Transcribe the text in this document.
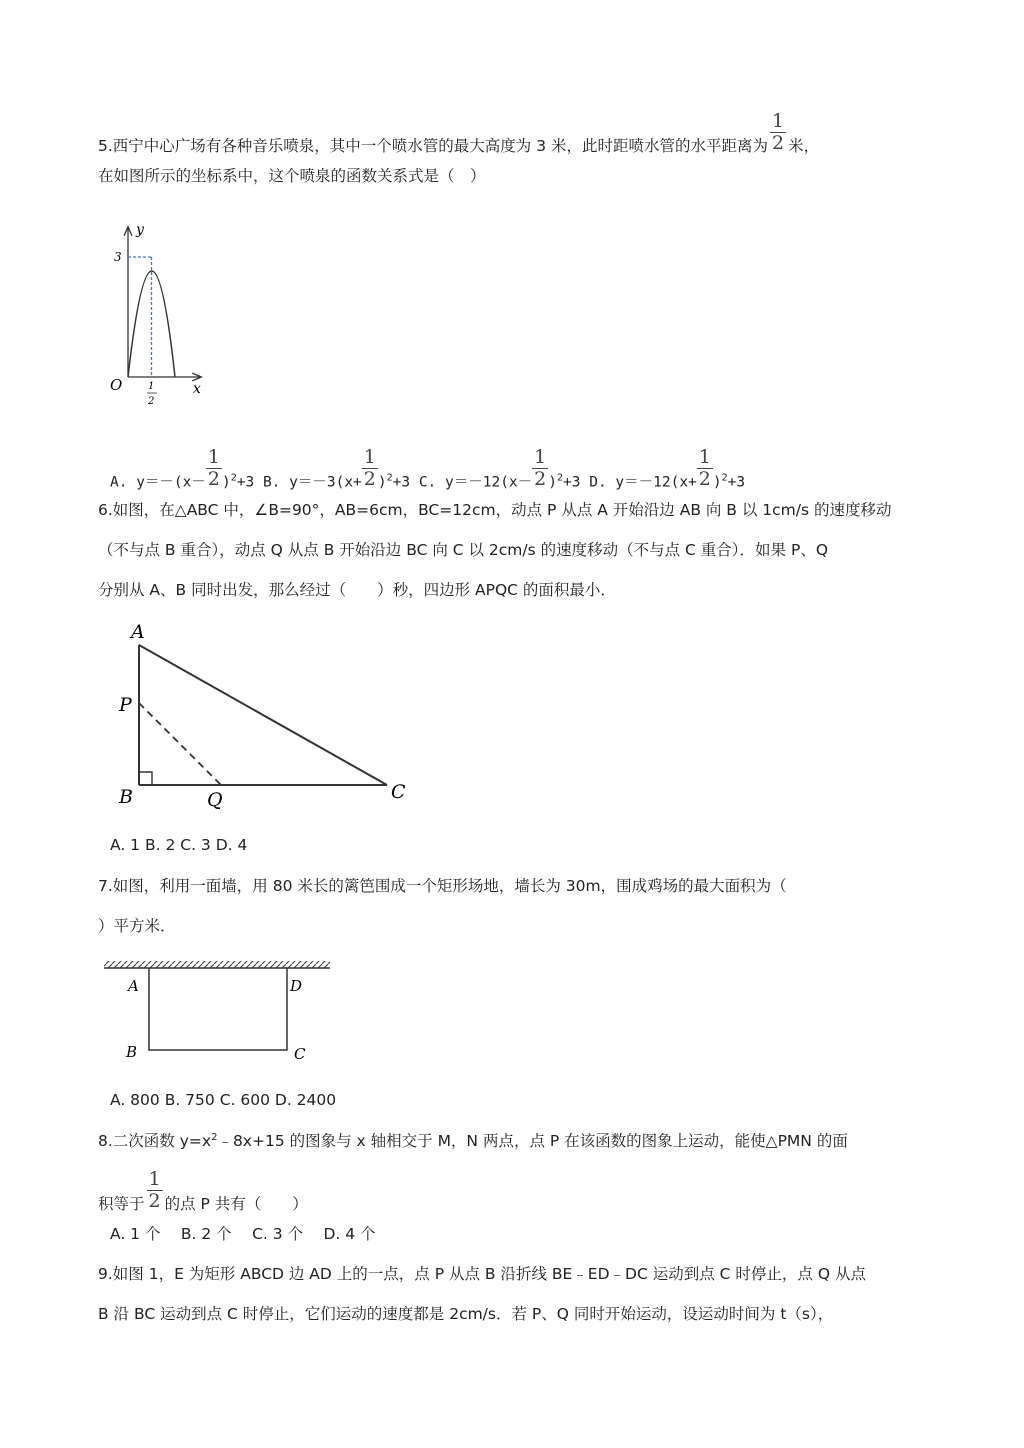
5.西宁中心广场有各种音乐喷泉，其中一个喷水管的最大高度为 3 米，此时距喷水管的水平距离为 $\frac{1}{2}$ 米，
在如图所示的坐标系中，这个喷泉的函数关系式是（　）
y
x
O
3
1
2
A. $y=-(x- \frac{1}{2} )^2+3$ B. $y=-3(x+ \frac{1}{2} )^2+3$ C. $y=-12(x- \frac{1}{2} )^2+3$ D. $y=-12(x+ \frac{1}{2} )^2+3$
6.如图，在△ABC 中，∠B=90°，AB=6cm，BC=12cm，动点 P 从点 A 开始沿边 AB 向 B 以 1cm/s 的速度移动
（不与点 B 重合），动点 Q 从点 B 开始沿边 BC 向 C 以 2cm/s 的速度移动（不与点 C 重合）．如果 P、Q
分别从 A、B 同时出发，那么经过（　　）秒，四边形 APQC 的面积最小．
A
P
B	Q	C
A. 1 B. 2 C. 3 D. 4
7.如图，利用一面墙，用 80 米长的篱笆围成一个矩形场地，墙长为 30m，围成鸡场的最大面积为（
）平方米．
A	D
B	C
A. 800 B. 750 C. 600 D. 2400
8.二次函数 $y=x^2﹣8x+15$ 的图象与 x 轴相交于 M，N 两点，点 P 在该函数的图象上运动，能使△PMN 的面
积等于 $\frac{1}{2}$ 的点 P 共有（　　）
A. 1 个　 B. 2 个　 C. 3 个　 D. 4 个
9.如图 1，E 为矩形 ABCD 边 AD 上的一点，点 P 从点 B 沿折线 BE﹣ED﹣DC 运动到点 C 时停止，点 Q 从点
B 沿 BC 运动到点 C 时停止，它们运动的速度都是 2cm/s．若 P、Q 同时开始运动，设运动时间为 t（s），
